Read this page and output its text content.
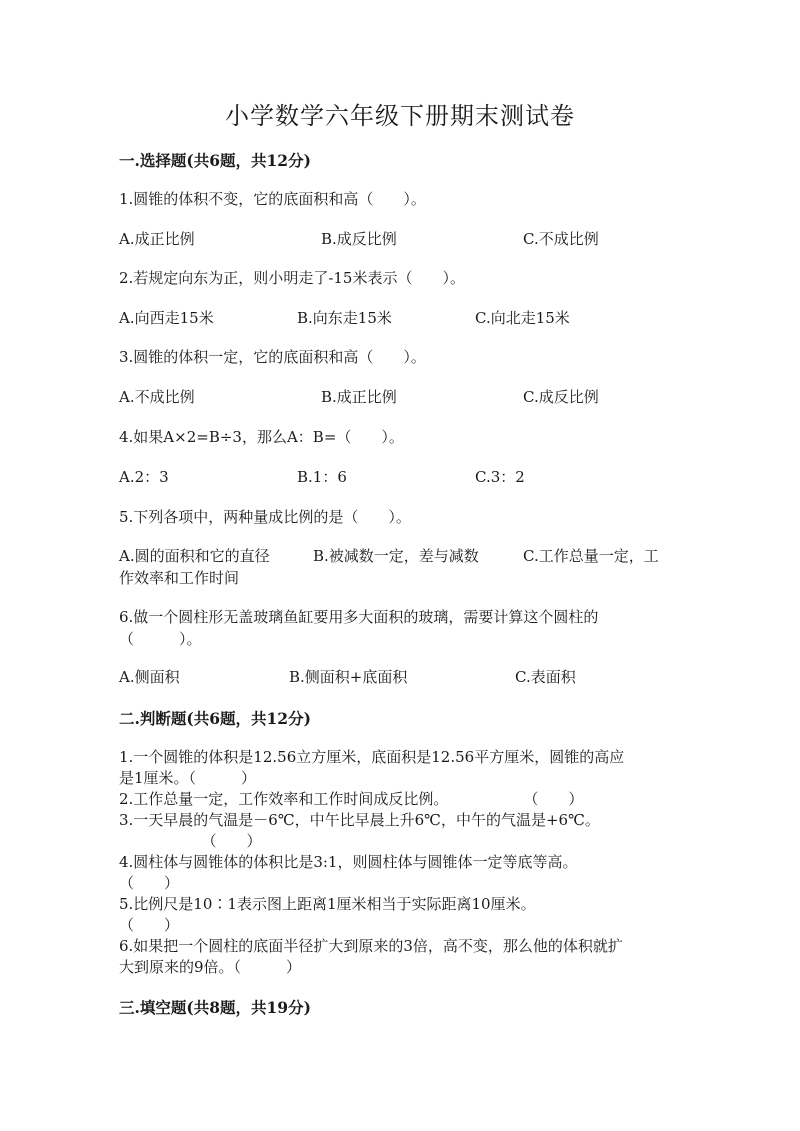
小学数学六年级下册期末测试卷
一.选择题(共6题，共12分)
1.圆锥的体积不变，它的底面积和高（　　）。
A.成正比例	B.成反比例	C.不成比例
2.若规定向东为正，则小明走了-15米表示（　　）。
A.向西走15米	B.向东走15米	C.向北走15米
3.圆锥的体积一定，它的底面积和高（　　）。
A.不成比例	B.成正比例	C.成反比例
4.如果A×2=B÷3，那么A：B=（　　）。
A.2：3	B.1：6	C.3：2
5.下列各项中，两种量成比例的是（　　）。
A.圆的面积和它的直径	B.被减数一定，差与减数	C.工作总量一定，工
作效率和工作时间
6.做一个圆柱形无盖玻璃鱼缸要用多大面积的玻璃，需要计算这个圆柱的
（　　　）。
A.侧面积	B.侧面积+底面积	C.表面积
二.判断题(共6题，共12分)
1.一个圆锥的体积是12.56立方厘米，底面积是12.56平方厘米，圆锥的高应
是1厘米。（　　　）
2.工作总量一定，工作效率和工作时间成反比例。　　　　　　（　　）
3.一天早晨的气温是－6℃，中午比早晨上升6℃，中午的气温是+6℃。
　　　　　　（　　）
4.圆柱体与圆锥体的体积比是3:1，则圆柱体与圆锥体一定等底等高。
（　　）
5.比例尺是10∶1表示图上距离1厘米相当于实际距离10厘米。
（　　）
6.如果把一个圆柱的底面半径扩大到原来的3倍，高不变，那么他的体积就扩
大到原来的9倍。（　　　）
三.填空题(共8题，共19分)
